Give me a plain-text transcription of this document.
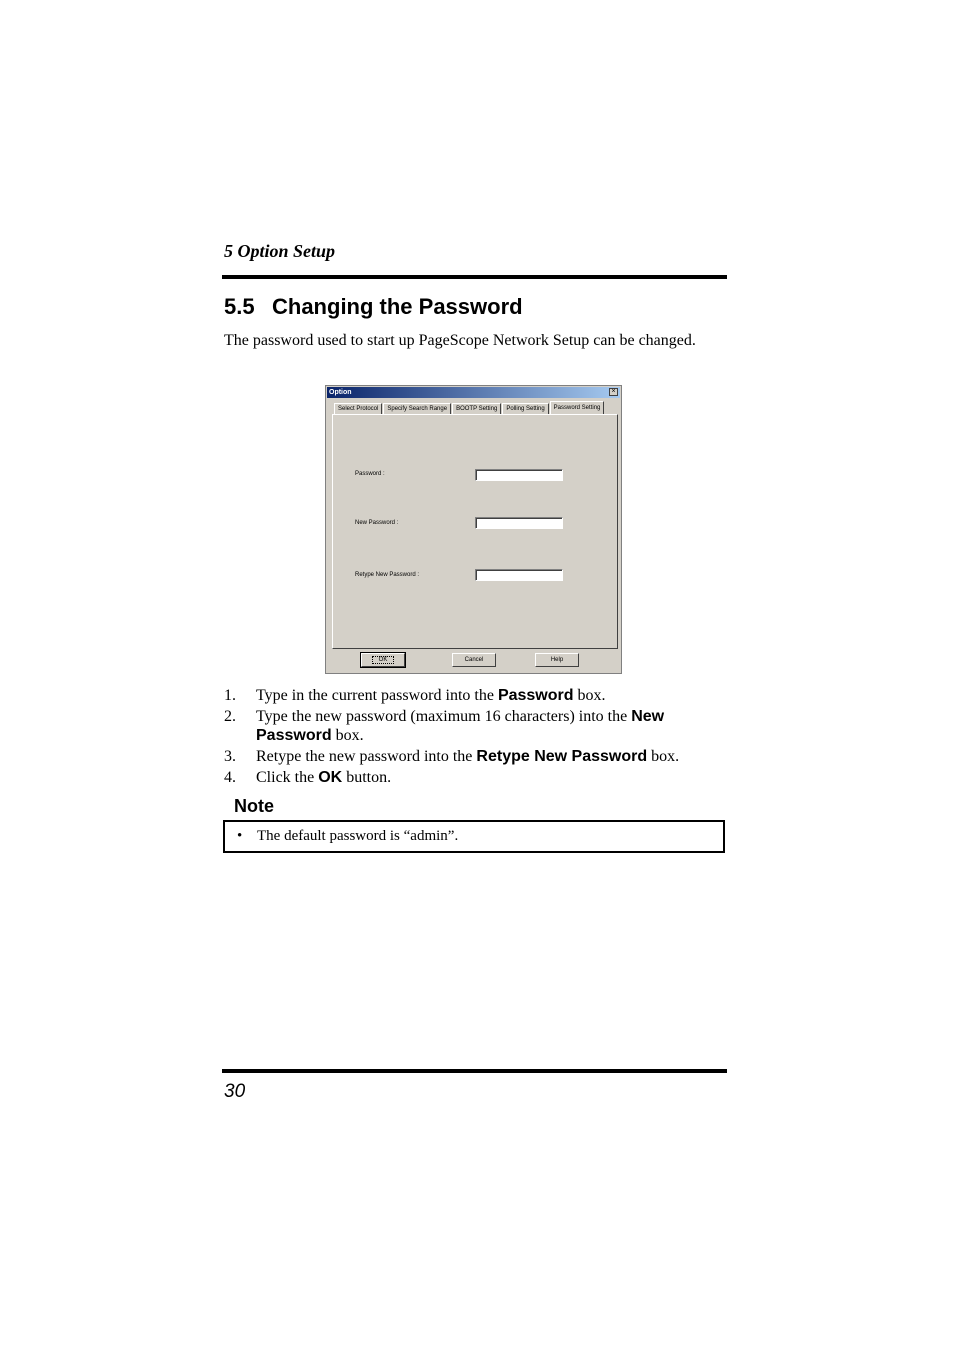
5 Option Setup
5.5 Changing the Password
The password used to start up PageScope Network Setup can be changed.
Option	×
Select Protocol	Specify Search Range	BOOTP Setting	Polling Setting	Password Setting
Password :
New Password :
Retype New Password :
OK	Cancel	Help
1.	Type in the current password into the Password box.
2.	Type the new password (maximum 16 characters) into the New Password box.
3.	Retype the new password into the Retype New Password box.
4.	Click the OK button.
Note
• The default password is “admin”.
30
